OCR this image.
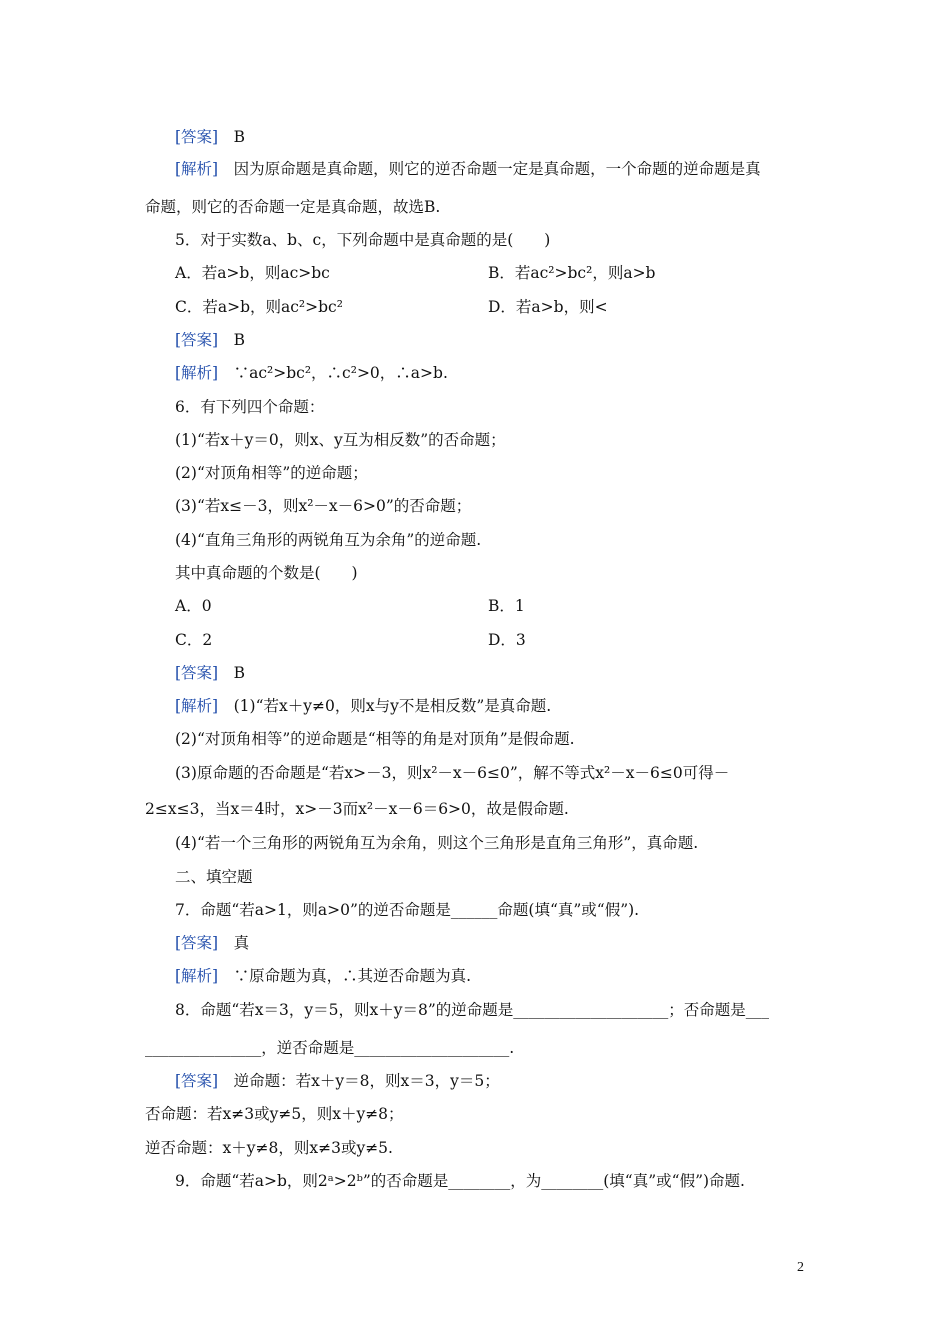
[答案]　B
[解析]　因为原命题是真命题，则它的逆否命题一定是真命题，一个命题的逆命题是真
命题，则它的否命题一定是真命题，故选B.
5．对于实数a、b、c，下列命题中是真命题的是(　　)
A．若a>b，则ac>bc	B．若ac²>bc²，则a>b
C．若a>b，则ac²>bc²	D．若a>b，则<
[答案]　B
[解析]　∵ac²>bc²，∴c²>0，∴a>b.
6．有下列四个命题：
(1)“若x＋y＝0，则x、y互为相反数”的否命题；
(2)“对顶角相等”的逆命题；
(3)“若x≤－3，则x²－x－6>0”的否命题；
(4)“直角三角形的两锐角互为余角”的逆命题.
其中真命题的个数是(　　)
A．0	B．1
C．2	D．3
[答案]　B
[解析]　(1)“若x＋y≠0，则x与y不是相反数”是真命题.
(2)“对顶角相等”的逆命题是“相等的角是对顶角”是假命题.
(3)原命题的否命题是“若x>－3，则x²－x－6≤0”，解不等式x²－x－6≤0可得－
2≤x≤3，当x＝4时，x>－3而x²－x－6＝6>0，故是假命题.
(4)“若一个三角形的两锐角互为余角，则这个三角形是直角三角形”，真命题.
二、填空题
7．命题“若a>1，则a>0”的逆否命题是______命题(填“真”或“假”).
[答案]　真
[解析]　∵原命题为真，∴其逆否命题为真.
8．命题“若x＝3，y＝5，则x＋y＝8”的逆命题是____________________；否命题是___
_______________，逆否命题是____________________.
[答案]　逆命题：若x＋y＝8，则x＝3，y＝5；
否命题：若x≠3或y≠5，则x＋y≠8；
逆否命题：x＋y≠8，则x≠3或y≠5.
9．命题“若a>b，则2ᵃ>2ᵇ”的否命题是________，为________(填“真”或“假”)命题.
2
